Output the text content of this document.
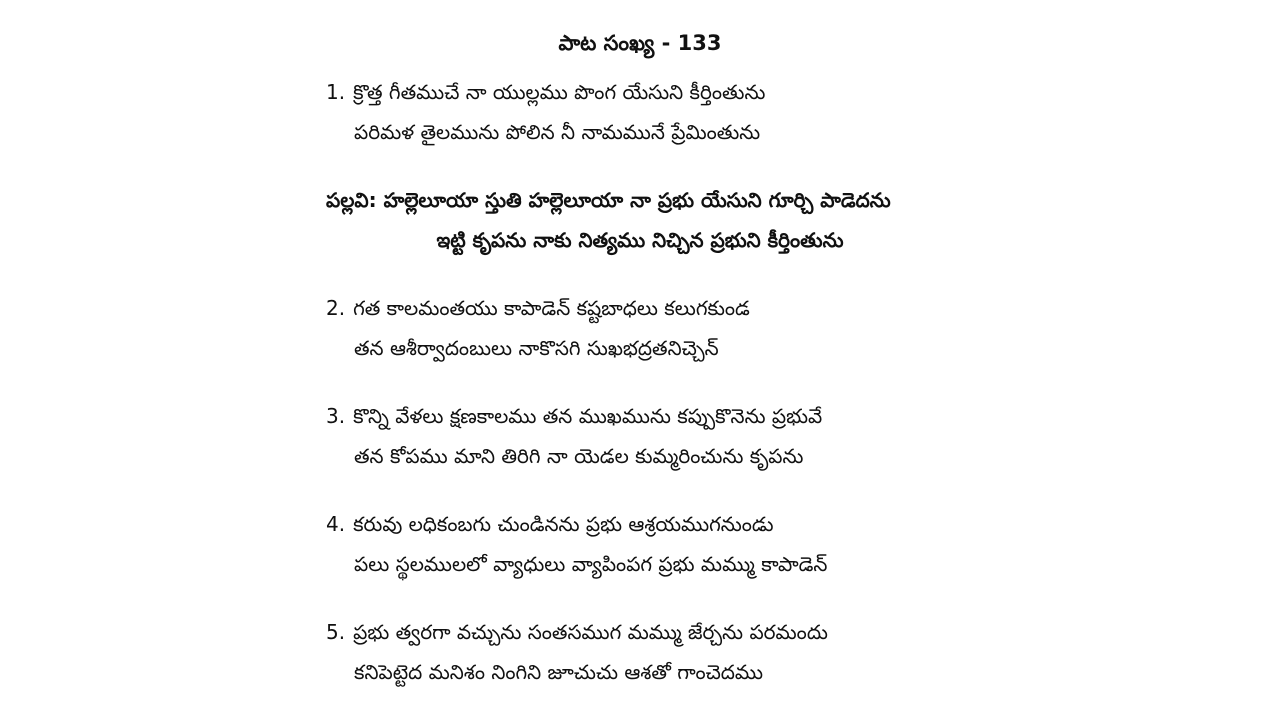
పాట సంఖ్య - 133
1. క్రొత్త గీతముచే నా యుల్లము పొంగ యేసుని కీర్తింతును
పరిమళ తైలమును పోలిన నీ నామమునే ప్రేమింతును
పల్లవి: హల్లెలూయా స్తుతి హల్లెలూయా నా ప్రభు యేసుని గూర్చి పాడెదను
ఇట్టి కృపను నాకు నిత్యము నిచ్చిన ప్రభుని కీర్తింతును
2. గత కాలమంతయు కాపాడెన్ కష్టబాధలు కలుగకుండ
తన ఆశీర్వాదంబులు నాకొసగి సుఖభద్రతనిచ్చెన్
3. కొన్ని వేళలు క్షణకాలము తన ముఖమును కప్పుకొనెను ప్రభువే
తన కోపము మాని తిరిగి నా యెడల కుమ్మరించును కృపను
4. కరువు లధికంబగు చుండినను ప్రభు ఆశ్రయముగనుండు
పలు స్థలములలో వ్యాధులు వ్యాపింపగ ప్రభు మమ్ము కాపాడెన్
5. ప్రభు త్వరగా వచ్చును సంతసముగ మమ్ము జేర్చను పరమందు
కనిపెట్టెద మనిశం నింగిని జూచుచు ఆశతో గాంచెదము
